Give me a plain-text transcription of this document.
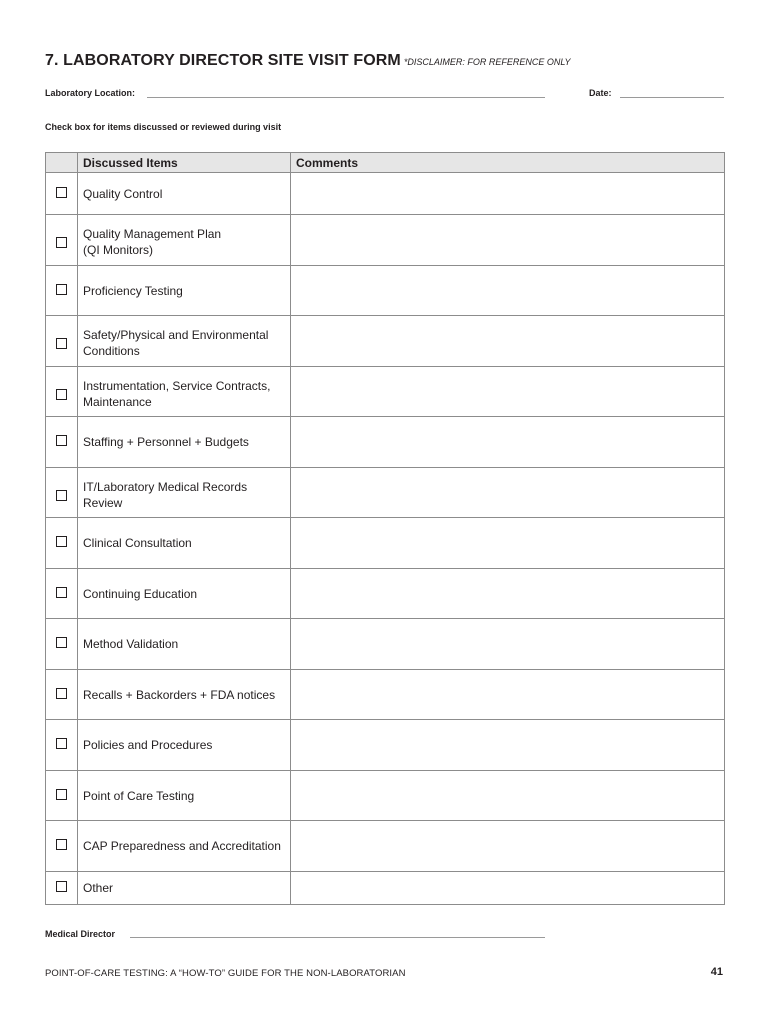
7. LABORATORY DIRECTOR SITE VISIT FORM *DISCLAIMER: FOR REFERENCE ONLY
Laboratory Location:	Date:
Check box for items discussed or reviewed during visit
	Discussed Items	Comments
	Quality Control	

	Quality Management Plan
(QI Monitors)	

	Proficiency Testing	

	Safety/Physical and Environmental
Conditions	

	Instrumentation, Service Contracts,
Maintenance	

	Staffing + Personnel + Budgets	

	IT/Laboratory Medical Records
Review	

	Clinical Consultation	
	Continuing Education	
	Method Validation	
	Recalls + Backorders + FDA notices	
	Policies and Procedures	
	Point of Care Testing	
	CAP Preparedness and Accreditation	
	Other	
Medical Director
POINT-OF-CARE TESTING: A “HOW-TO” GUIDE FOR THE NON-LABORATORIAN	41
